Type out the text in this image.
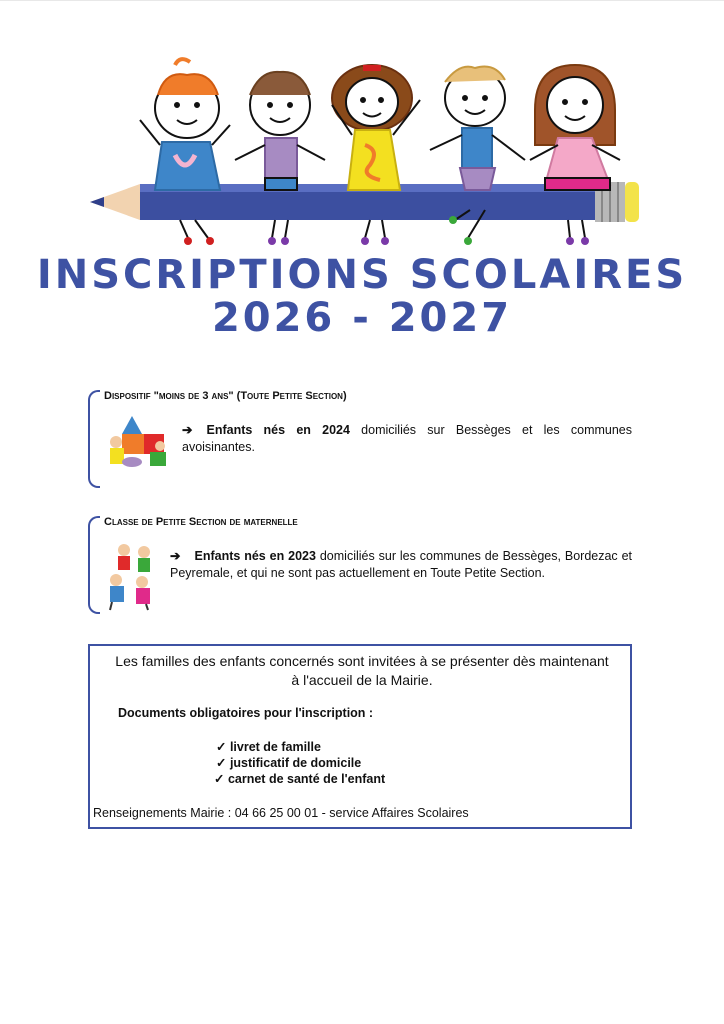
INSCRIPTIONS SCOLAIRES
2026 - 2027
Dispositif "moins de 3 ans" (Toute Petite Section)
➔ Enfants nés en 2024 domiciliés sur Bessèges et les communes avoisinantes.
Classe de Petite Section de maternelle
➔ Enfants nés en 2023 domiciliés sur les communes de Bessèges, Bordezac et Peyremale, et qui ne sont pas actuellement en Toute Petite Section.
Les familles des enfants concernés sont invitées à se présenter dès maintenant
à l'accueil de la Mairie.
Documents obligatoires pour l'inscription :
✓ livret de famille
✓ justificatif de domicile
✓ carnet de santé de l'enfant
Renseignements Mairie : 04 66 25 00 01 - service Affaires Scolaires
